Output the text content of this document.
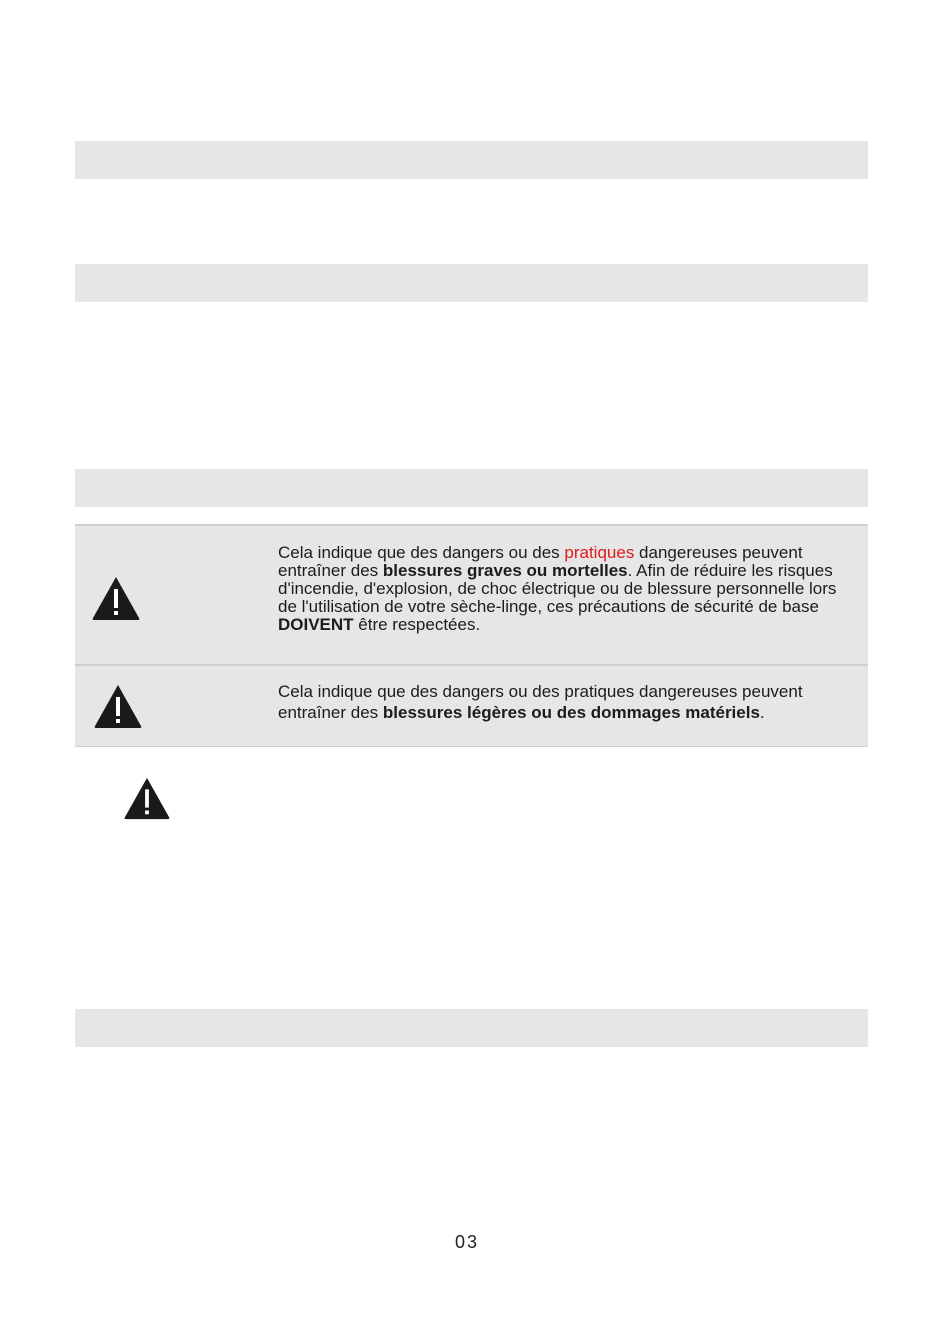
Cela indique que des dangers ou des pratiques dangereuses peuvent entraîner des blessures graves ou mortelles. Afin de réduire les risques d'incendie, d'explosion, de choc électrique ou de blessure personnelle lors de l'utilisation de votre sèche-linge, ces précautions de sécurité de base DOIVENT être respectées.
Cela indique que des dangers ou des pratiques dangereuses peuvent entraîner des blessures légères ou des dommages matériels.
03
